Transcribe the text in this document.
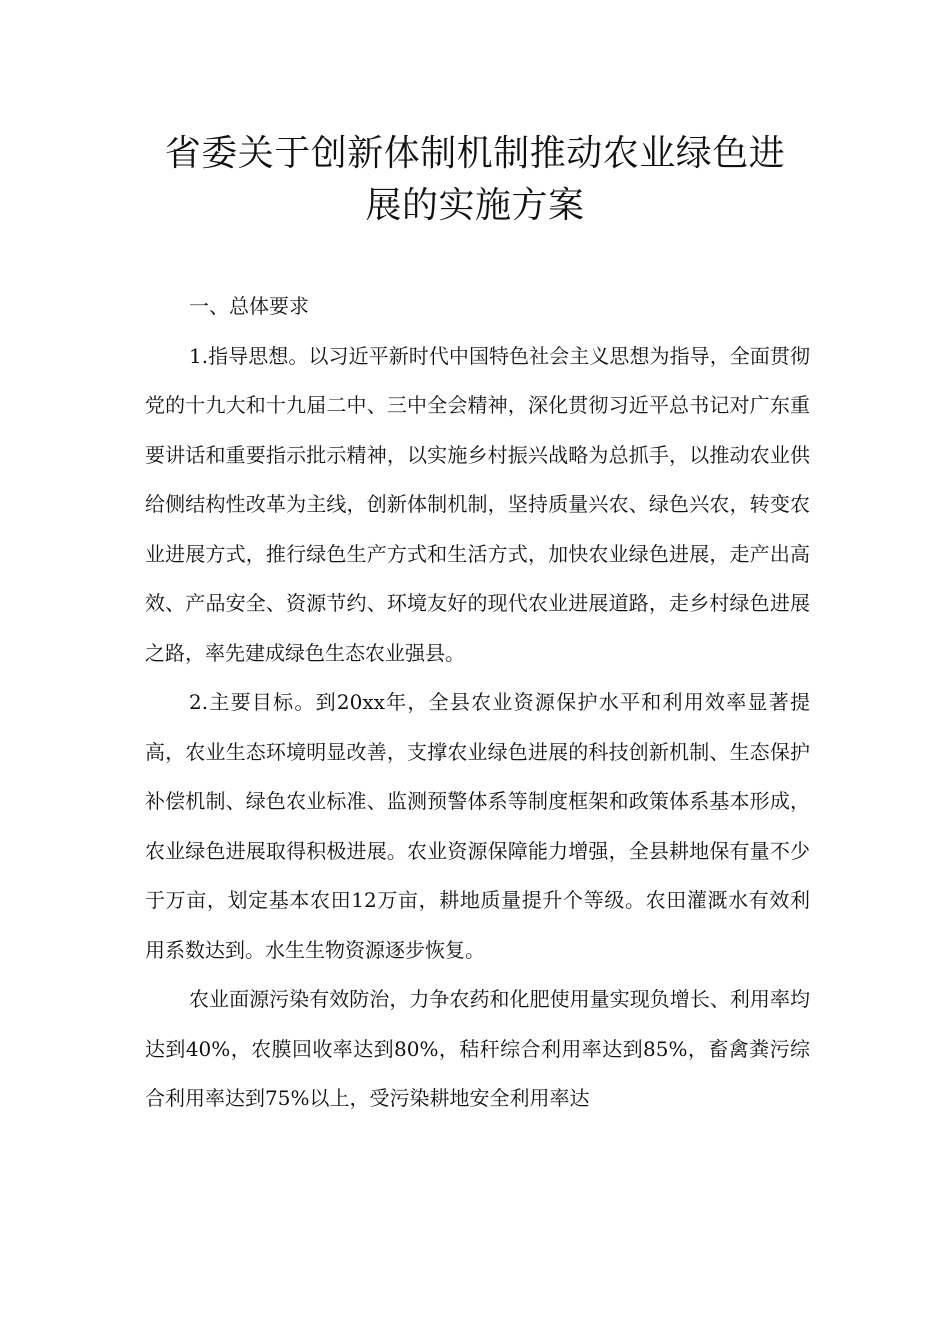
省委关于创新体制机制推动农业绿色进
展的实施方案

一、总体要求

1.指导思想。以习近平新时代中国特色社会主义思想为指导，全面贯彻党的十九大和十九届二中、三中全会精神，深化贯彻习近平总书记对广东重要讲话和重要指示批示精神，以实施乡村振兴战略为总抓手，以推动农业供给侧结构性改革为主线，创新体制机制，坚持质量兴农、绿色兴农，转变农业进展方式，推行绿色生产方式和生活方式，加快农业绿色进展，走产出高效、产品安全、资源节约、环境友好的现代农业进展道路，走乡村绿色进展之路，率先建成绿色生态农业强县。

2.主要目标。到20xx年，全县农业资源保护水平和利用效率显著提高，农业生态环境明显改善，支撑农业绿色进展的科技创新机制、生态保护补偿机制、绿色农业标准、监测预警体系等制度框架和政策体系基本形成，农业绿色进展取得积极进展。农业资源保障能力增强，全县耕地保有量不少于万亩，划定基本农田12万亩，耕地质量提升个等级。农田灌溉水有效利用系数达到。水生生物资源逐步恢复。

农业面源污染有效防治，力争农药和化肥使用量实现负增长、利用率均达到40%，农膜回收率达到80%，秸秆综合利用率达到85%，畜禽粪污综合利用率达到75%以上，受污染耕地安全利用率达
